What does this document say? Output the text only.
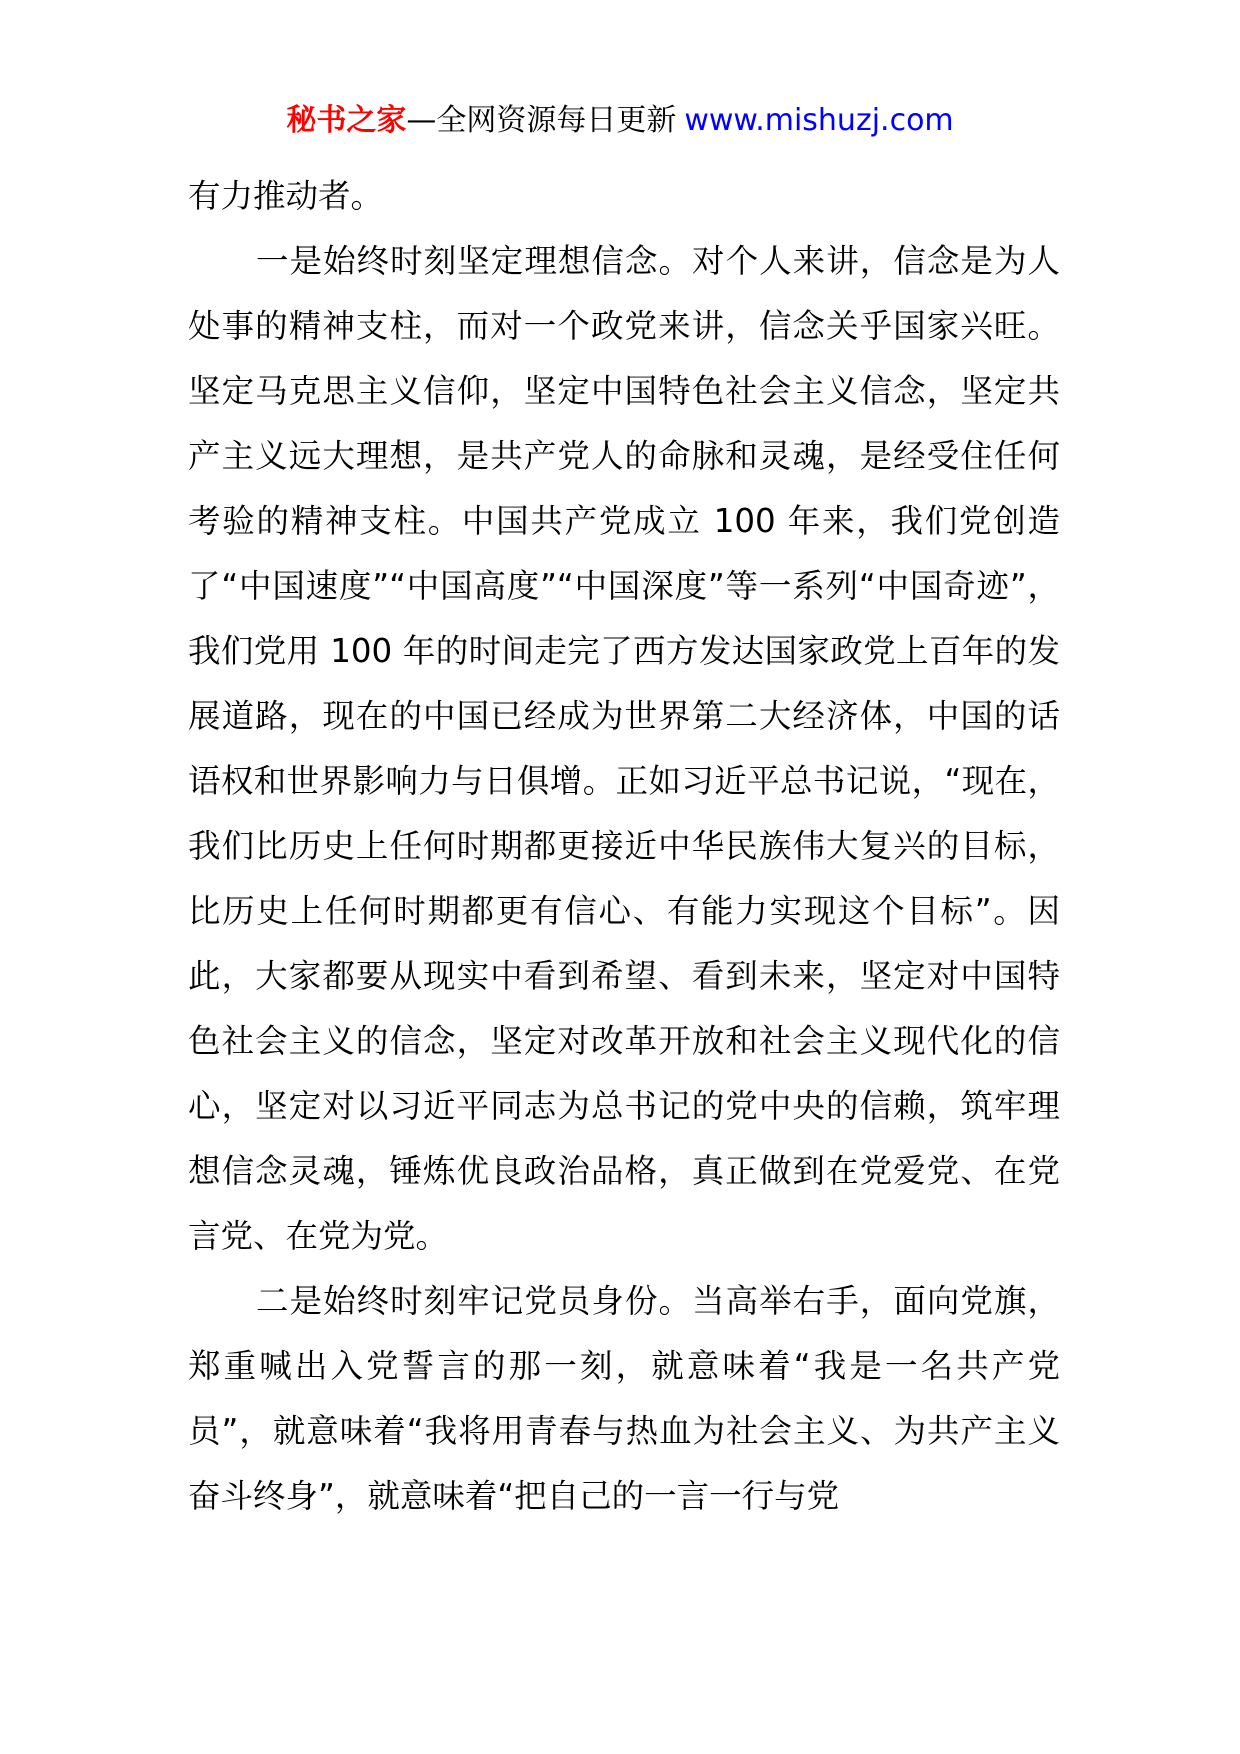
秘书之家—全网资源每日更新 www.mishuzj.com

有力推动者。

一是始终时刻坚定理想信念。对个人来讲，信念是为人处事的精神支柱，而对一个政党来讲，信念关乎国家兴旺。坚定马克思主义信仰，坚定中国特色社会主义信念，坚定共产主义远大理想，是共产党人的命脉和灵魂，是经受住任何考验的精神支柱。中国共产党成立 100 年来，我们党创造了“中国速度”“中国高度”“中国深度”等一系列“中国奇迹”，我们党用 100 年的时间走完了西方发达国家政党上百年的发展道路，现在的中国已经成为世界第二大经济体，中国的话语权和世界影响力与日俱增。正如习近平总书记说，“现在，我们比历史上任何时期都更接近中华民族伟大复兴的目标，比历史上任何时期都更有信心、有能力实现这个目标”。因此，大家都要从现实中看到希望、看到未来，坚定对中国特色社会主义的信念，坚定对改革开放和社会主义现代化的信心，坚定对以习近平同志为总书记的党中央的信赖，筑牢理想信念灵魂，锤炼优良政治品格，真正做到在党爱党、在党言党、在党为党。

二是始终时刻牢记党员身份。当高举右手，面向党旗，郑重喊出入党誓言的那一刻，就意味着“我是一名共产党员”，就意味着“我将用青春与热血为社会主义、为共产主义奋斗终身”，就意味着“把自己的一言一行与党
